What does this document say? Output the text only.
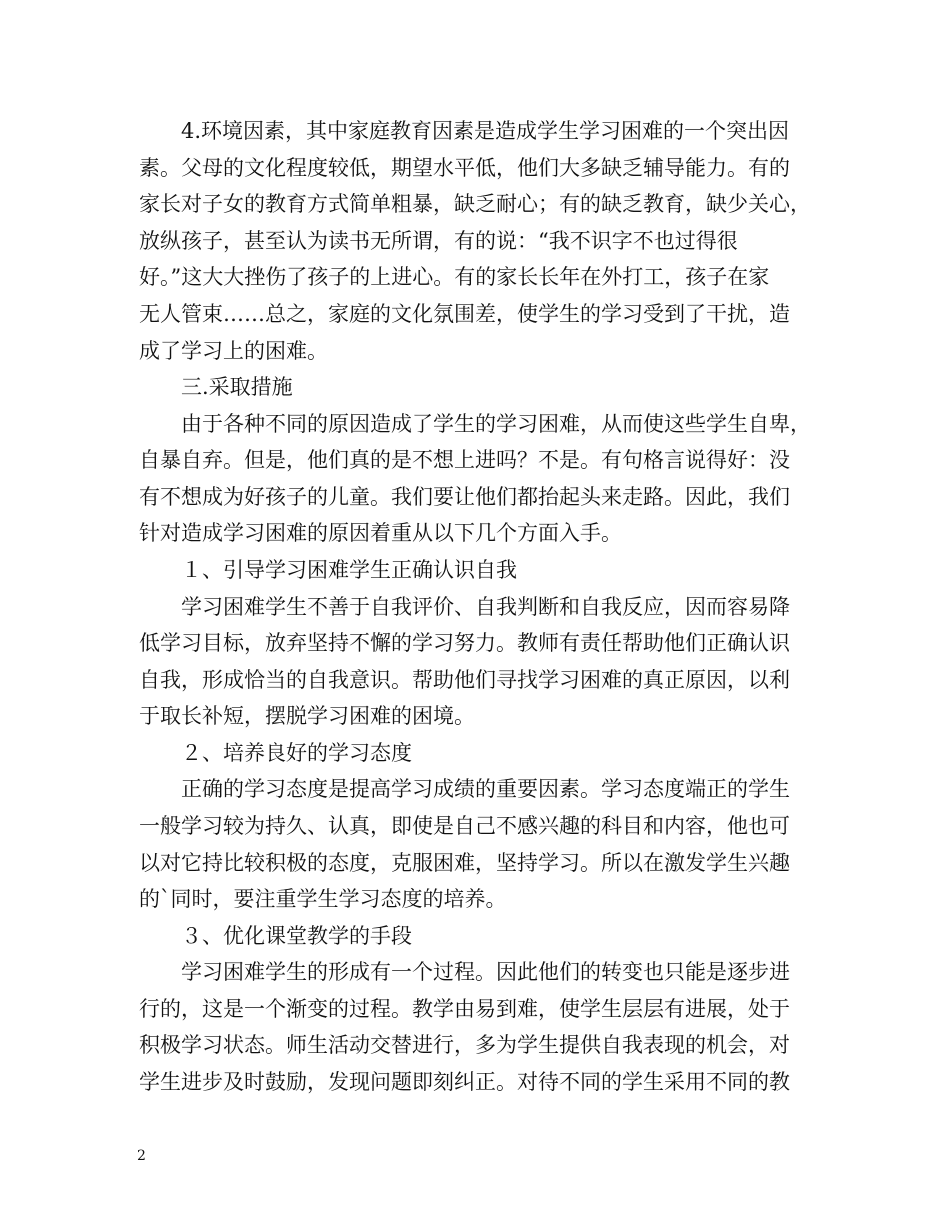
4.环境因素，其中家庭教育因素是造成学生学习困难的一个突出因
素。父母的文化程度较低，期望水平低，他们大多缺乏辅导能力。有的
家长对子女的教育方式简单粗暴，缺乏耐心；有的缺乏教育，缺少关心，
放纵孩子，甚至认为读书无所谓，有的说：“我不识字不也过得很
好。”这大大挫伤了孩子的上进心。有的家长长年在外打工，孩子在家
无人管束……总之，家庭的文化氛围差，使学生的学习受到了干扰，造
成了学习上的困难。
三.采取措施
由于各种不同的原因造成了学生的学习困难，从而使这些学生自卑，
自暴自弃。但是，他们真的是不想上进吗？不是。有句格言说得好：没
有不想成为好孩子的儿童。我们要让他们都抬起头来走路。因此，我们
针对造成学习困难的原因着重从以下几个方面入手。
１、引导学习困难学生正确认识自我
学习困难学生不善于自我评价、自我判断和自我反应，因而容易降
低学习目标，放弃坚持不懈的学习努力。教师有责任帮助他们正确认识
自我，形成恰当的自我意识。帮助他们寻找学习困难的真正原因，以利
于取长补短，摆脱学习困难的困境。
２、培养良好的学习态度
正确的学习态度是提高学习成绩的重要因素。学习态度端正的学生
一般学习较为持久、认真，即使是自己不感兴趣的科目和内容，他也可
以对它持比较积极的态度，克服困难，坚持学习。所以在激发学生兴趣
的`同时，要注重学生学习态度的培养。
３、优化课堂教学的手段
学习困难学生的形成有一个过程。因此他们的转变也只能是逐步进
行的，这是一个渐变的过程。教学由易到难，使学生层层有进展，处于
积极学习状态。师生活动交替进行，多为学生提供自我表现的机会，对
学生进步及时鼓励，发现问题即刻纠正。对待不同的学生采用不同的教
2
